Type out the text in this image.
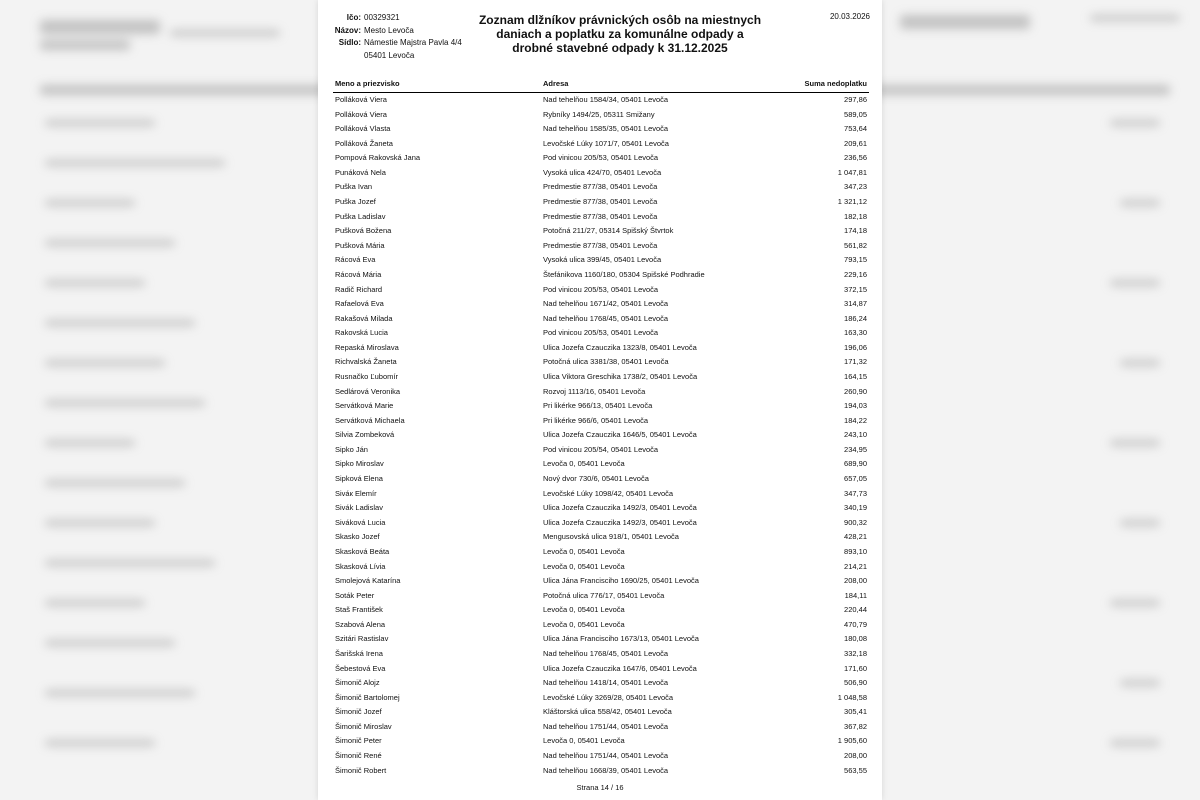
Ičo: 00329321
Názov: Mesto Levoča
Sídlo: Námestie Majstra Pavla 4/4
05401 Levoča
Zoznam dlžníkov právnických osôb na miestnych
daniach a poplatku za komunálne odpady a
drobné stavebné odpady k 31.12.2025
20.03.2026
Meno a priezvisko	Adresa	Suma nedoplatku
Polláková Viera	Nad tehelňou 1584/34, 05401 Levoča	297,86
Polláková Viera	Rybníky 1494/25, 05311 Smižany	589,05
Polláková Vlasta	Nad tehelňou 1585/35, 05401 Levoča	753,64
Polláková Žaneta	Levočské Lúky 1071/7, 05401 Levoča	209,61
Pompová Rakovská Jana	Pod vinicou 205/53, 05401 Levoča	236,56
Punáková Nela	Vysoká ulica 424/70, 05401 Levoča	1 047,81
Puška Ivan	Predmestie 877/38, 05401 Levoča	347,23
Puška Jozef	Predmestie 877/38, 05401 Levoča	1 321,12
Puška Ladislav	Predmestie 877/38, 05401 Levoča	182,18
Pušková Božena	Potočná 211/27, 05314 Spišský Štvrtok	174,18
Pušková Mária	Predmestie 877/38, 05401 Levoča	561,82
Rácová Eva	Vysoká ulica 399/45, 05401 Levoča	793,15
Rácová Mária	Štefánikova 1160/180, 05304 Spišské Podhradie	229,16
Radič Richard	Pod vinicou 205/53, 05401 Levoča	372,15
Rafaelová Eva	Nad tehelňou 1671/42, 05401 Levoča	314,87
Rakašová Milada	Nad tehelňou 1768/45, 05401 Levoča	186,24
Rakovská Lucia	Pod vinicou 205/53, 05401 Levoča	163,30
Repaská Miroslava	Ulica Jozefa Czauczika 1323/8, 05401 Levoča	196,06
Richvalská Žaneta	Potočná ulica 3381/38, 05401 Levoča	171,32
Rusnačko Ľubomír	Ulica Viktora Greschika 1738/2, 05401 Levoča	164,15
Sedlárová Veronika	Rozvoj 1113/16, 05401 Levoča	260,90
Servátková Marie	Pri likérke 966/13, 05401 Levoča	194,03
Servátková Michaela	Pri likérke 966/6, 05401 Levoča	184,22
Silvia Zombeková	Ulica Jozefa Czauczika 1646/5, 05401 Levoča	243,10
Sipko Ján	Pod vinicou 205/54, 05401 Levoča	234,95
Sipko Miroslav	Levoča 0, 05401 Levoča	689,90
Sipková Elena	Nový dvor 730/6, 05401 Levoča	657,05
Siváк Elemír	Levočské Lúky 1098/42, 05401 Levoča	347,73
Sivák Ladislav	Ulica Jozefa Czauczika 1492/3, 05401 Levoča	340,19
Siváková Lucia	Ulica Jozefa Czauczika 1492/3, 05401 Levoča	900,32
Skasko Jozef	Mengusovská ulica 918/1, 05401 Levoča	428,21
Skasková Beáta	Levoča 0, 05401 Levoča	893,10
Skasková Lívia	Levoča 0, 05401 Levoča	214,21
Smolejová Katarína	Ulica Jána Francisciho 1690/25, 05401 Levoča	208,00
Soták Peter	Potočná ulica 776/17, 05401 Levoča	184,11
Staš František	Levoča 0, 05401 Levoča	220,44
Szabová Alena	Levoča 0, 05401 Levoča	470,79
Szitári Rastislav	Ulica Jána Francisciho 1673/13, 05401 Levoča	180,08
Šarišská Irena	Nad tehelňou 1768/45, 05401 Levoča	332,18
Šebestová Eva	Ulica Jozefa Czauczika 1647/6, 05401 Levoča	171,60
Šimonič Alojz	Nad tehelňou 1418/14, 05401 Levoča	506,90
Šimonič Bartolomej	Levočské Lúky 3269/28, 05401 Levoča	1 048,58
Šimonič Jozef	Kláštorská ulica 558/42, 05401 Levoča	305,41
Šimonič Miroslav	Nad tehelňou 1751/44, 05401 Levoča	367,82
Šimonič Peter	Levoča 0, 05401 Levoča	1 905,60
Šimonič René	Nad tehelňou 1751/44, 05401 Levoča	208,00
Šimonič Robert	Nad tehelňou 1668/39, 05401 Levoča	563,55
Strana 14 / 16
